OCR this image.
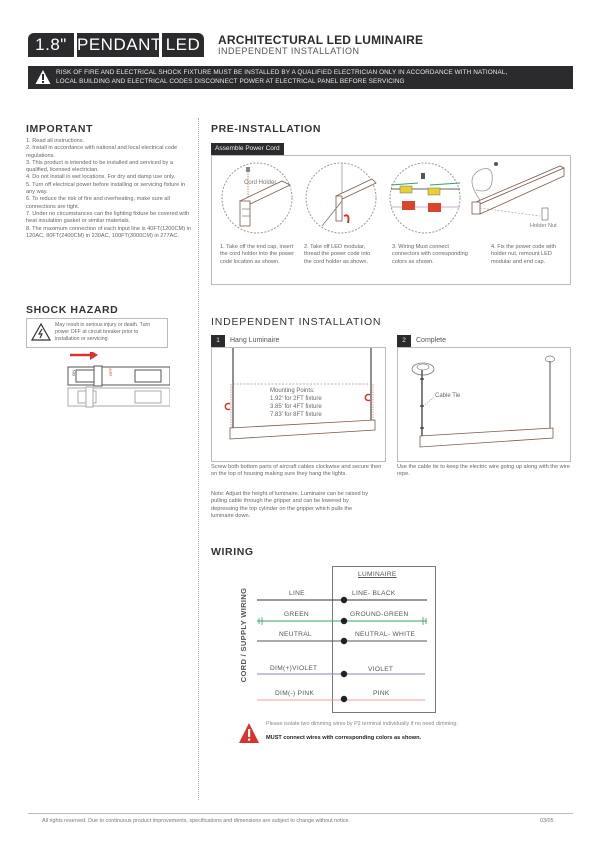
1.8" PENDANT LED	ARCHITECTURAL LED LUMINAIRE
INDEPENDENT INSTALLATION
RISK OF FIRE AND ELECTRICAL SHOCK FIXTURE MUST BE INSTALLED BY A QUALIFIED ELECTRICIAN ONLY IN ACCORDANCE WITH NATIONAL,
LOCAL BUILDING AND ELECTRICAL CODES DISCONNECT POWER AT ELECTRICAL PANEL BEFORE SERVICING
IMPORTANT
1. Read all instructions.
2. Install in accordance with national and local electrical code regulations.
3. This product is intended to be installed and serviced by a qualified, licensed electrician.
4. Do not install in wet locations. For dry and damp use only.
5. Turn off electrical power before installing or servicing fixture in any way.
6. To reduce the risk of fire and overheating, make sure all connections are tight.
7. Under no circumstances can the lighting fixture be covered with heat insulation gasket or similar materials.
8. The maximum connection of each input line is 40FT(1200CM) in 120AC, 80FT(2400CM) in 230AC, 100FT(3000CM) in 277AC.
SHOCK HAZARD
May result in serious injury or death. Turn power OFF at circuit breaker prior to installation or servicing.
ON	OFF
PRE-INSTALLATION
Assemble Power Cord
Cord Holder
Holder Nut
1. Take off the end cap, insert the cord holder into the power code location as shown.
2. Take off LED modular, thread the power code into the cord holder as shown.
3. Wiring Must connect connectors with corresponding colors as shown.
4. Fix the power code with holder nut, remount LED modular and end cap.
INDEPENDENT INSTALLATION
1	Hang Luminaire
Mounting Points:
1.92' for 2FT fixture
3.85' for 4FT fixture
7.83' for 8FT fixture
Screw both bottom parts of aircraft cables clockwise and secure then on the top of housing making sure they hang the lights.
Note: Adjust the height of luminaire. Luminaire can be raised by pulling cable through the gripper and can be lowered by depressing the top cylinder on the gripper which pulls the luminaire down.
2	Complete
Cable Tie
Use the cable tie to keep the electric wire going up along with the wire repe.
WIRING
CORD / SUPPLY WIRING
LUMINAIRE
LINE	LINE- BLACK
GREEN	GROUND-GREEN
NEUTRAL	NEUTRAL- WHITE
DIM(+)VIOLET	VIOLET
DIM(-) PINK	PINK
Please isolate two dimming wires by P2 terminal individually if no need dimming;
MUST connect wires with corresponding colors as shown.
All rights reserved. Due to continuous product improvements, specifications and dimensions are subject to change without notice.	03/05
